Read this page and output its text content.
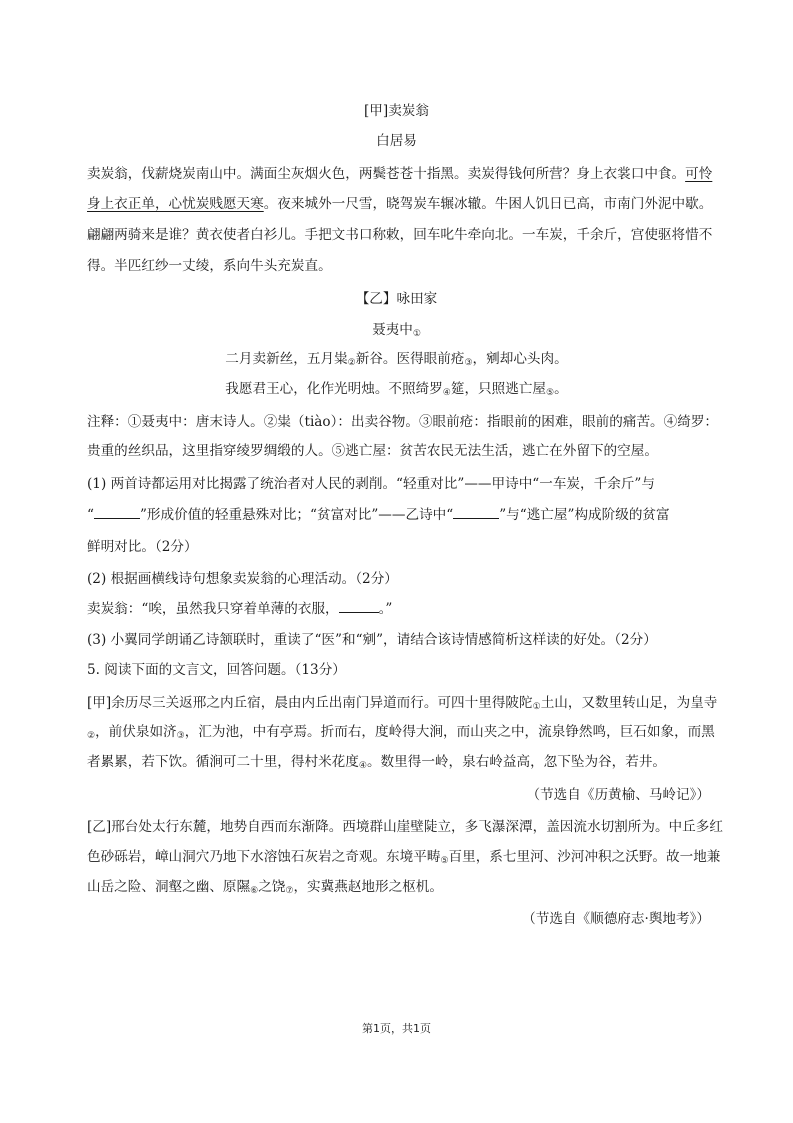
[甲]卖炭翁
白居易
卖炭翁，伐薪烧炭南山中。满面尘灰烟火色，两鬓苍苍十指黑。卖炭得钱何所营？身上衣裳口中食。可怜
身上衣正单，心忧炭贱愿天寒。夜来城外一尺雪，晓驾炭车辗冰辙。牛困人饥日已高，市南门外泥中歇。
翩翩两骑来是谁？黄衣使者白衫儿。手把文书口称敕，回车叱牛牵向北。一车炭，千余斤，宫使驱将惜不
得。半匹红纱一丈绫，系向牛头充炭直。
【乙】咏田家
聂夷中①
二月卖新丝，五月粜②新谷。医得眼前疮③，剜却心头肉。
我愿君王心，化作光明烛。不照绮罗④筵，只照逃亡屋⑤。
注释：①聂夷中：唐末诗人。②粜（tiào）：出卖谷物。③眼前疮：指眼前的困难，眼前的痛苦。④绮罗：
贵重的丝织品，这里指穿绫罗绸缎的人。⑤逃亡屋：贫苦农民无法生活，逃亡在外留下的空屋。
(1) 两首诗都运用对比揭露了统治者对人民的剥削。“轻重对比”——甲诗中“一车炭，千余斤”与
“	”形成价值的轻重悬殊对比；“贫富对比”——乙诗中“	”与“逃亡屋”构成阶级的贫富
鲜明对比。（2分）
(2) 根据画横线诗句想象卖炭翁的心理活动。（2分）
卖炭翁：“唉，虽然我只穿着单薄的衣服，	。”
(3) 小翼同学朗诵乙诗颔联时，重读了“医”和“剜”，请结合该诗情感简析这样读的好处。（2分）
5. 阅读下面的文言文，回答问题。（13分）
[甲]余历尽三关返邢之内丘宿，晨由内丘出南门异道而行。可四十里得陂陀①土山，又数里转山足，为皇寺
②，前伏泉如济③，汇为池，中有亭焉。折而右，度岭得大涧，而山夹之中，流泉铮然鸣，巨石如象，而黑
者累累，若下饮。循涧可二十里，得村米花度④。数里得一岭，泉右岭益高，忽下坠为谷，若井。
（节选自《历黄榆、马岭记》）
[乙]邢台处太行东麓，地势自西而东渐降。西境群山崖壁陡立，多飞瀑深潭，盖因流水切割所为。中丘多红
色砂砾岩，嶂山洞穴乃地下水溶蚀石灰岩之奇观。东境平畴⑤百里，系七里河、沙河冲积之沃野。故一地兼
山岳之险、洞壑之幽、原隰⑥之饶⑦，实冀燕赵地形之枢机。
（节选自《顺德府志·舆地考》）
第1页，共1页
